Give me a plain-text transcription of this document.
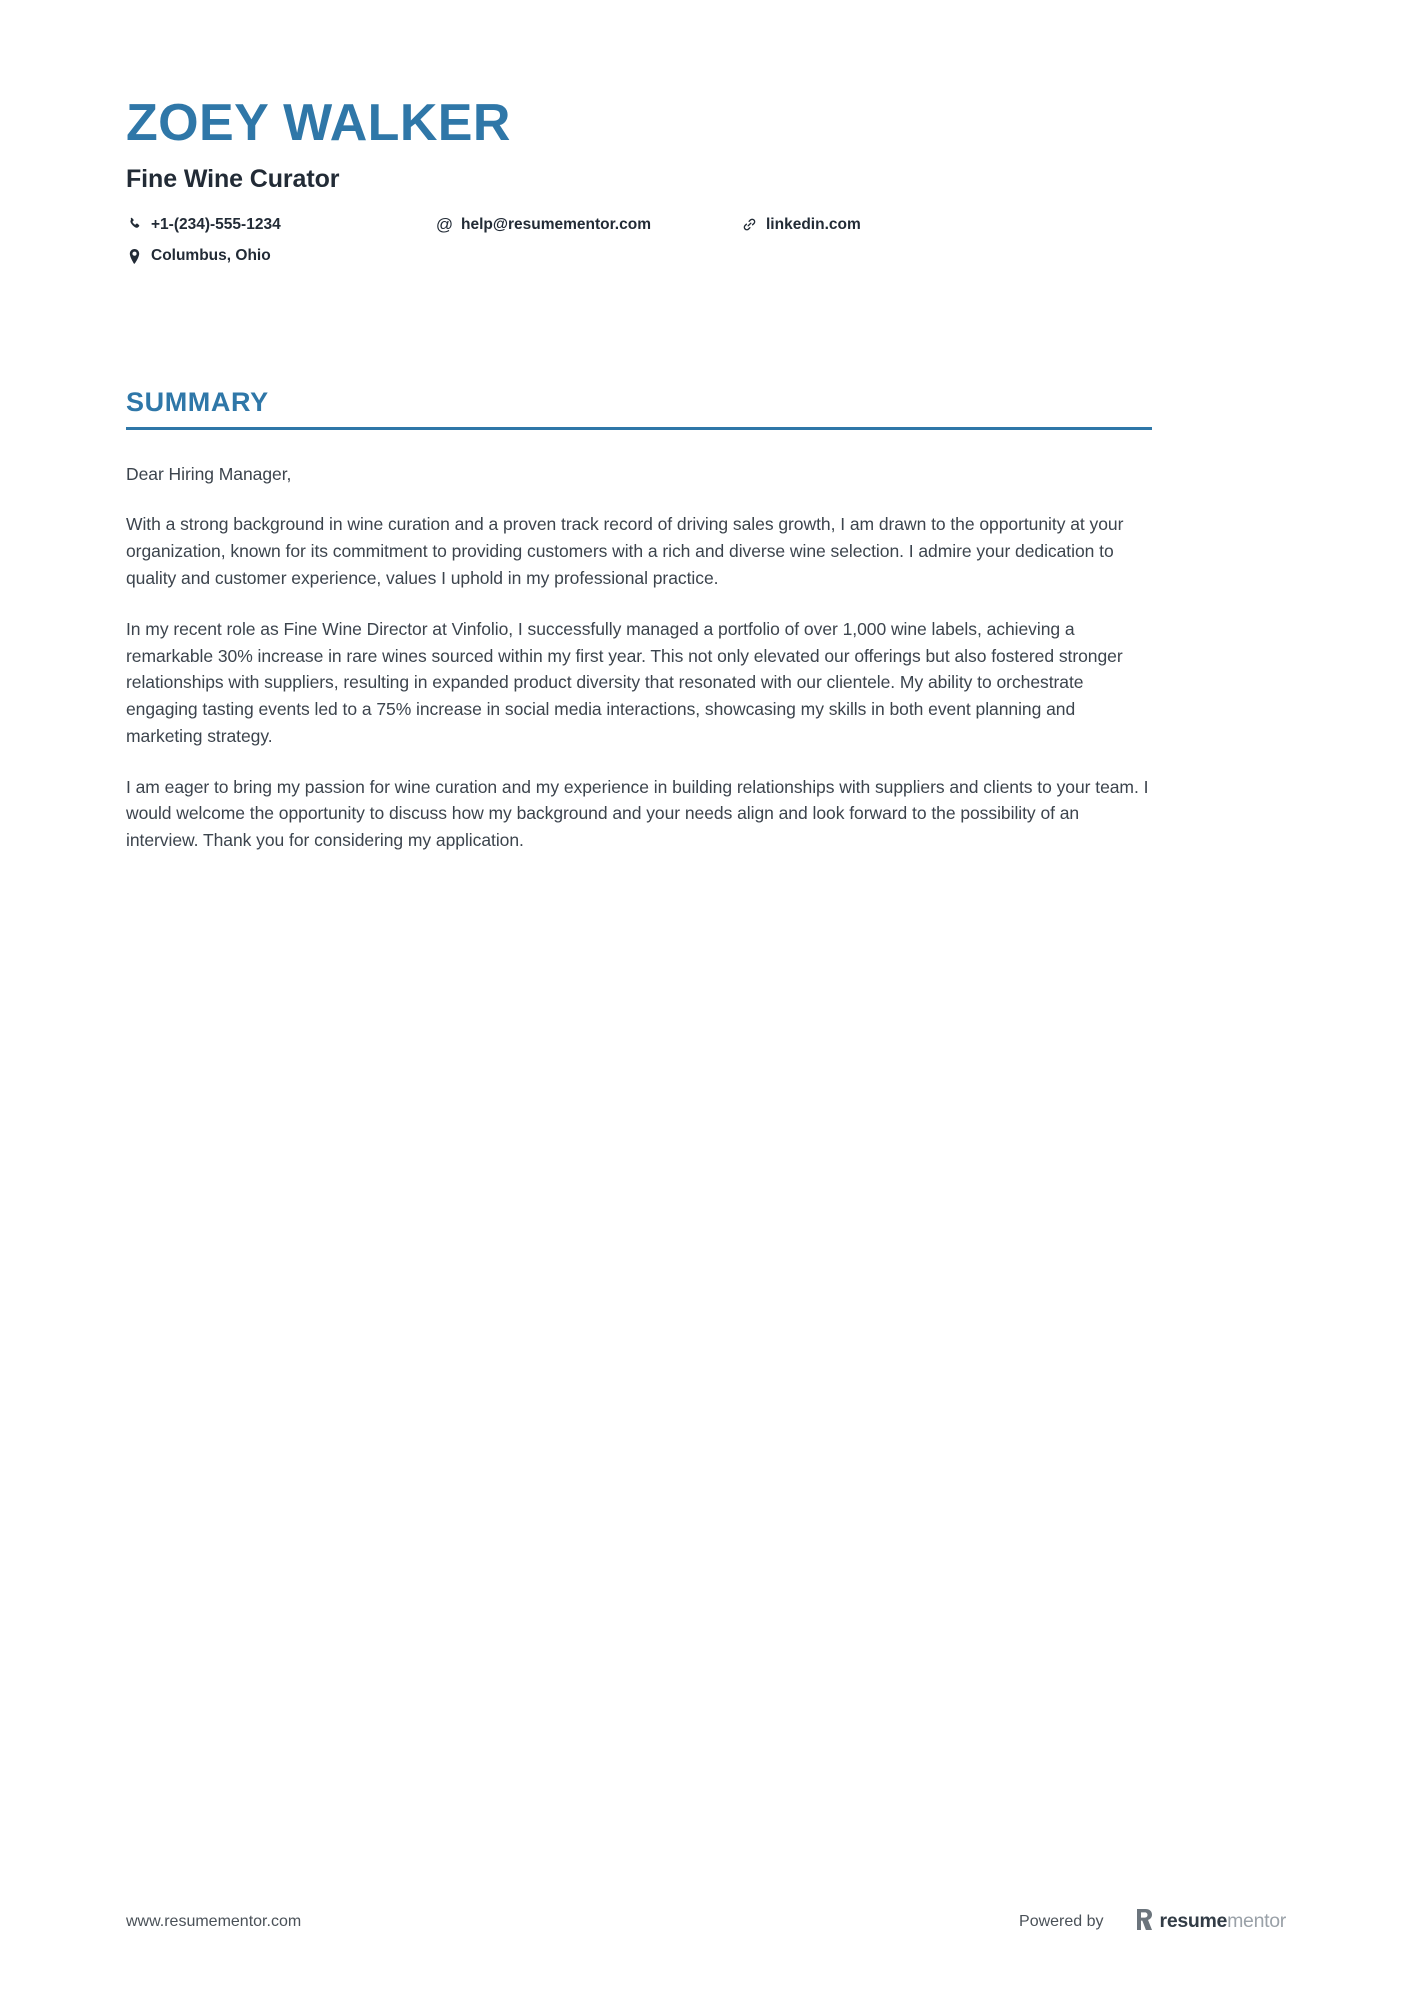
ZOEY WALKER
Fine Wine Curator
+1-(234)-555-1234	@ help@resumementor.com	linkedin.com
Columbus, Ohio
SUMMARY

Dear Hiring Manager,

With a strong background in wine curation and a proven track record of driving sales growth, I am drawn to the opportunity at your organization, known for its commitment to providing customers with a rich and diverse wine selection. I admire your dedication to quality and customer experience, values I uphold in my professional practice.

In my recent role as Fine Wine Director at Vinfolio, I successfully managed a portfolio of over 1,000 wine labels, achieving a remarkable 30% increase in rare wines sourced within my first year. This not only elevated our offerings but also fostered stronger relationships with suppliers, resulting in expanded product diversity that resonated with our clientele. My ability to orchestrate engaging tasting events led to a 75% increase in social media interactions, showcasing my skills in both event planning and marketing strategy.

I am eager to bring my passion for wine curation and my experience in building relationships with suppliers and clients to your team. I would welcome the opportunity to discuss how my background and your needs align and look forward to the possibility of an interview. Thank you for considering my application.

www.resumementor.com	Powered by	resumementor
